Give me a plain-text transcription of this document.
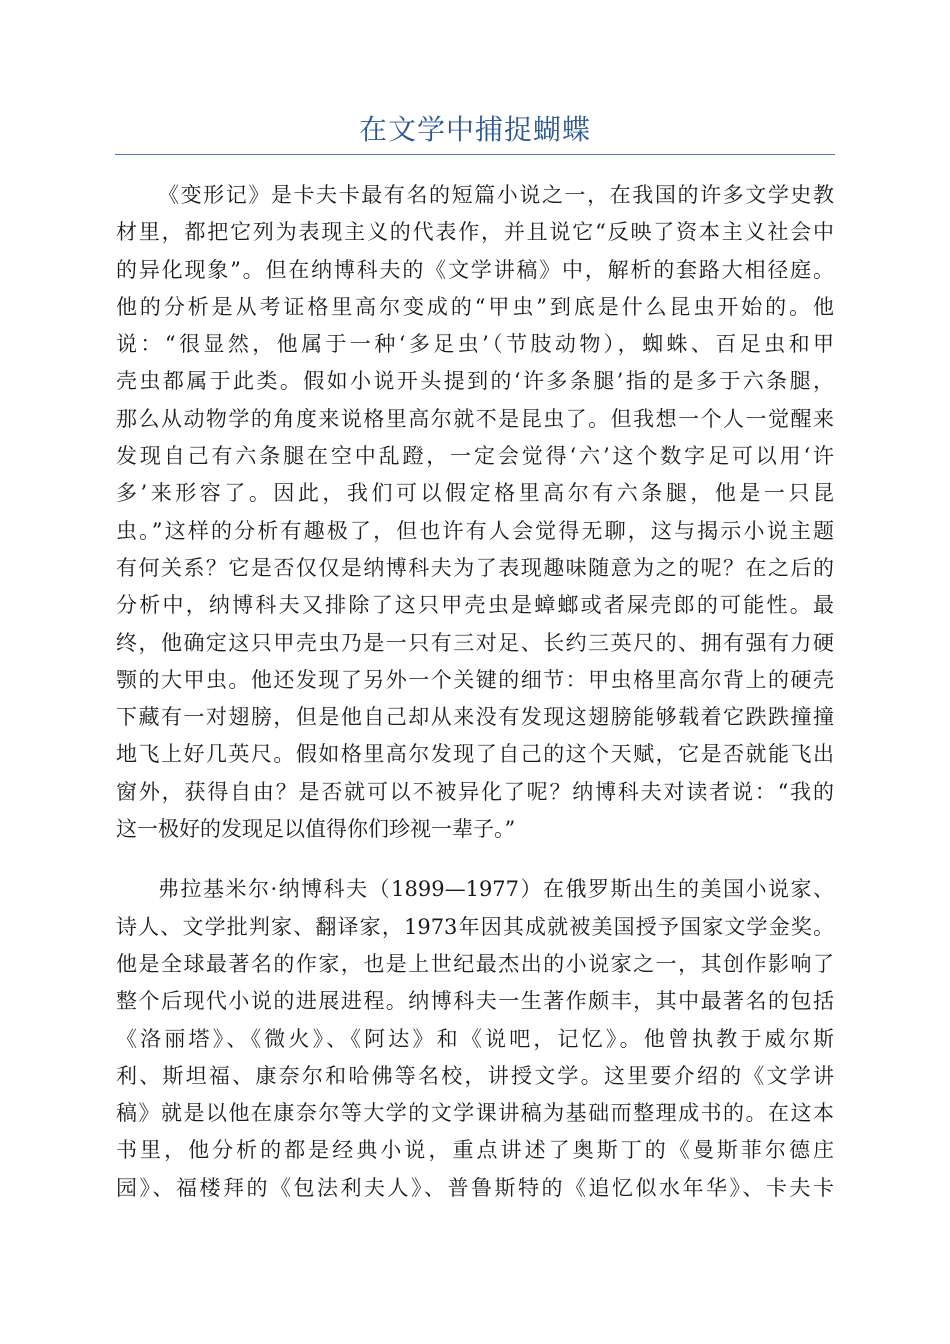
在文学中捕捉蝴蝶
《变形记》是卡夫卡最有名的短篇小说之一，在我国的许多文学史教
材里，都把它列为表现主义的代表作，并且说它“反映了资本主义社会中
的异化现象”。但在纳博科夫的《文学讲稿》中，解析的套路大相径庭。
他的分析是从考证格里高尔变成的“甲虫”到底是什么昆虫开始的。他
说：“很显然，他属于一种‘多足虫’（节肢动物），蜘蛛、百足虫和甲
壳虫都属于此类。假如小说开头提到的‘许多条腿’指的是多于六条腿，
那么从动物学的角度来说格里高尔就不是昆虫了。但我想一个人一觉醒来
发现自己有六条腿在空中乱蹬，一定会觉得‘六’这个数字足可以用‘许
多’来形容了。因此，我们可以假定格里高尔有六条腿，他是一只昆
虫。”这样的分析有趣极了，但也许有人会觉得无聊，这与揭示小说主题
有何关系？它是否仅仅是纳博科夫为了表现趣味随意为之的呢？在之后的
分析中，纳博科夫又排除了这只甲壳虫是蟑螂或者屎壳郎的可能性。最
终，他确定这只甲壳虫乃是一只有三对足、长约三英尺的、拥有强有力硬
颚的大甲虫。他还发现了另外一个关键的细节：甲虫格里高尔背上的硬壳
下藏有一对翅膀，但是他自己却从来没有发现这翅膀能够载着它跌跌撞撞
地飞上好几英尺。假如格里高尔发现了自己的这个天赋，它是否就能飞出
窗外，获得自由？是否就可以不被异化了呢？纳博科夫对读者说：“我的
这一极好的发现足以值得你们珍视一辈子。”
弗拉基米尔·纳博科夫（1899—1977）在俄罗斯出生的美国小说家、
诗人、文学批判家、翻译家，1973年因其成就被美国授予国家文学金奖。
他是全球最著名的作家，也是上世纪最杰出的小说家之一，其创作影响了
整个后现代小说的进展进程。纳博科夫一生著作颇丰，其中最著名的包括
《洛丽塔》、《微火》、《阿达》和《说吧，记忆》。他曾执教于威尔斯
利、斯坦福、康奈尔和哈佛等名校，讲授文学。这里要介绍的《文学讲
稿》就是以他在康奈尔等大学的文学课讲稿为基础而整理成书的。在这本
书里，他分析的都是经典小说，重点讲述了奥斯丁的《曼斯菲尔德庄
园》、福楼拜的《包法利夫人》、普鲁斯特的《追忆似水年华》、卡夫卡
